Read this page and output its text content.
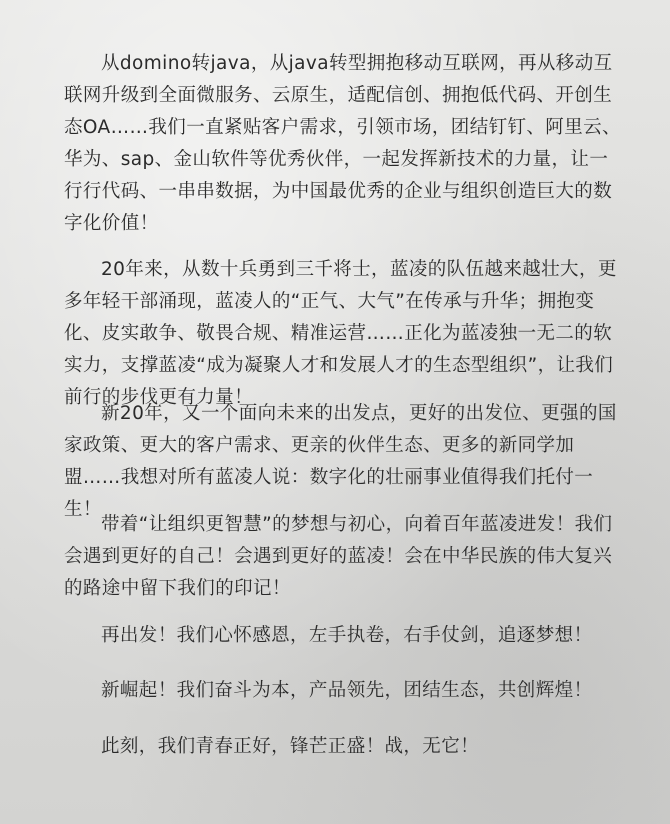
从domino转java，从java转型拥抱移动互联网，再从移动互联网升级到全面微服务、云原生，适配信创、拥抱低代码、开创生态OA……我们一直紧贴客户需求，引领市场，团结钉钉、阿里云、华为、sap、金山软件等优秀伙伴，一起发挥新技术的力量，让一行行代码、一串串数据，为中国最优秀的企业与组织创造巨大的数字化价值！

20年来，从数十兵勇到三千将士，蓝凌的队伍越来越壮大，更多年轻干部涌现，蓝凌人的“正气、大气”在传承与升华；拥抱变化、皮实敢争、敬畏合规、精准运营……正化为蓝凌独一无二的软实力，支撑蓝凌“成为凝聚人才和发展人才的生态型组织”，让我们前行的步伐更有力量！

新20年，又一个面向未来的出发点，更好的出发位、更强的国家政策、更大的客户需求、更亲的伙伴生态、更多的新同学加盟……我想对所有蓝凌人说：数字化的壮丽事业值得我们托付一生！

带着“让组织更智慧”的梦想与初心，向着百年蓝凌进发！我们会遇到更好的自己！会遇到更好的蓝凌！会在中华民族的伟大复兴的路途中留下我们的印记！

再出发！我们心怀感恩，左手执卷，右手仗剑，追逐梦想！

新崛起！我们奋斗为本，产品领先，团结生态，共创辉煌！

此刻，我们青春正好，锋芒正盛！战，无它！
